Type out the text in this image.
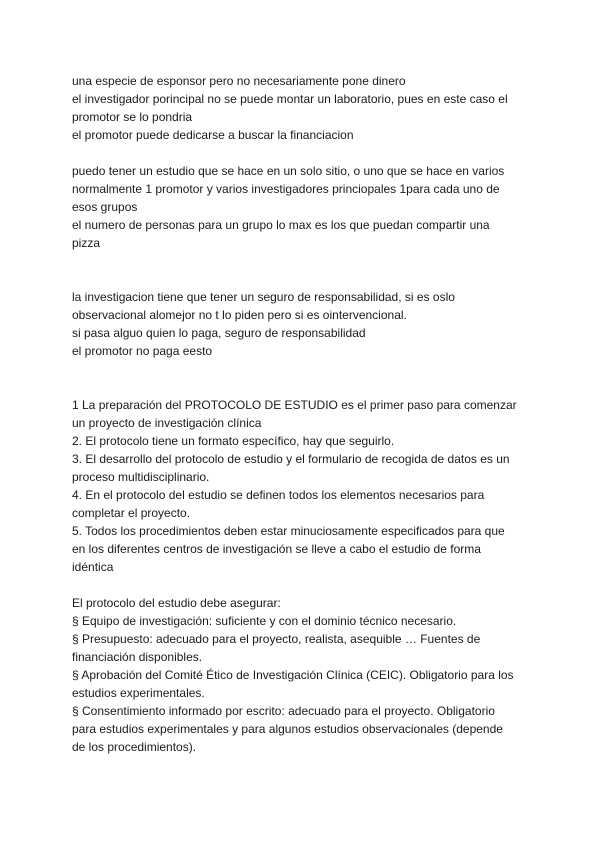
una especie de esponsor pero no necesariamente pone dinero
el investigador porincipal no se puede montar un laboratorio, pues en este caso el
promotor se lo pondria
el promotor puede dedicarse a buscar la financiacion
puedo tener un estudio que se hace en un solo sitio, o uno que se hace en varios
normalmente 1 promotor y varios investigadores princiopales 1para cada uno de
esos grupos
el numero de personas para un grupo lo max es los que puedan compartir una
pizza
la investigacion tiene que tener un seguro de responsabilidad, si es oslo
observacional alomejor no t lo piden pero si es ointervencional.
si pasa alguo quien lo paga, seguro de responsabilidad
el promotor no paga eesto
1 La preparación del PROTOCOLO DE ESTUDIO es el primer paso para comenzar
un proyecto de investigación clínica
2. El protocolo tiene un formato específico, hay que seguirlo.
3. El desarrollo del protocolo de estudio y el formulario de recogida de datos es un
proceso multidisciplinario.
4. En el protocolo del estudio se definen todos los elementos necesarios para
completar el proyecto.
5. Todos los procedimientos deben estar minuciosamente especificados para que
en los diferentes centros de investigación se lleve a cabo el estudio de forma
idéntica
El protocolo del estudio debe asegurar:
§ Equipo de investigación: suficiente y con el dominio técnico necesario.
§ Presupuesto: adecuado para el proyecto, realista, asequible … Fuentes de
financiación disponibles.
§ Aprobación del Comité Ético de Investigación Clínica (CEIC). Obligatorio para los
estudios experimentales.
§ Consentimiento informado por escrito: adecuado para el proyecto. Obligatorio
para estudios experimentales y para algunos estudios observacionales (depende
de los procedimientos).
